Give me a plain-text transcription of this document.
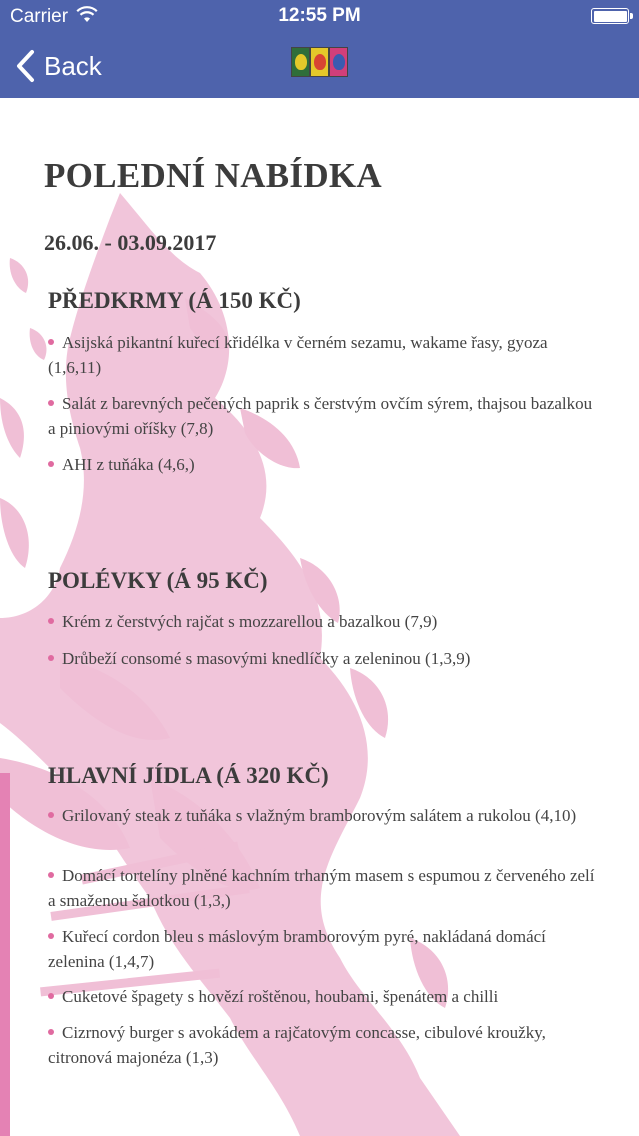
Carrier	12:55 PM
Back
POLEDNÍ NABÍDKA
26.06. - 03.09.2017
PŘEDKRMY (Á 150 KČ)
Asijská pikantní kuřecí křidélka v černém sezamu, wakame řasy, gyoza (1,6,11)
Salát z barevných pečených paprik s čerstvým ovčím sýrem, thajsou bazalkou a piniovými oříšky (7,8)
AHI z tuňáka (4,6,)
POLÉVKY (Á 95 KČ)
Krém z čerstvých rajčat s mozzarellou a bazalkou (7,9)
Drůbeží consomé s masovými knedlíčky a zeleninou (1,3,9)
HLAVNÍ JÍDLA (Á 320 KČ)
Grilovaný steak z tuňáka s vlažným bramborovým salátem a rukolou (4,10)
Domácí tortelíny plněné kachním trhaným masem s espumou z červeného zelí a smaženou šalotkou (1,3,)
Kuřecí cordon bleu s máslovým bramborovým pyré, nakládaná domácí zelenina (1,4,7)
Cuketové špagety s hovězí roštěnou, houbami, špenátem a chilli
Cizrnový burger s avokádem a rajčatovým concasse, cibulové kroužky, citronová majonéza (1,3)
